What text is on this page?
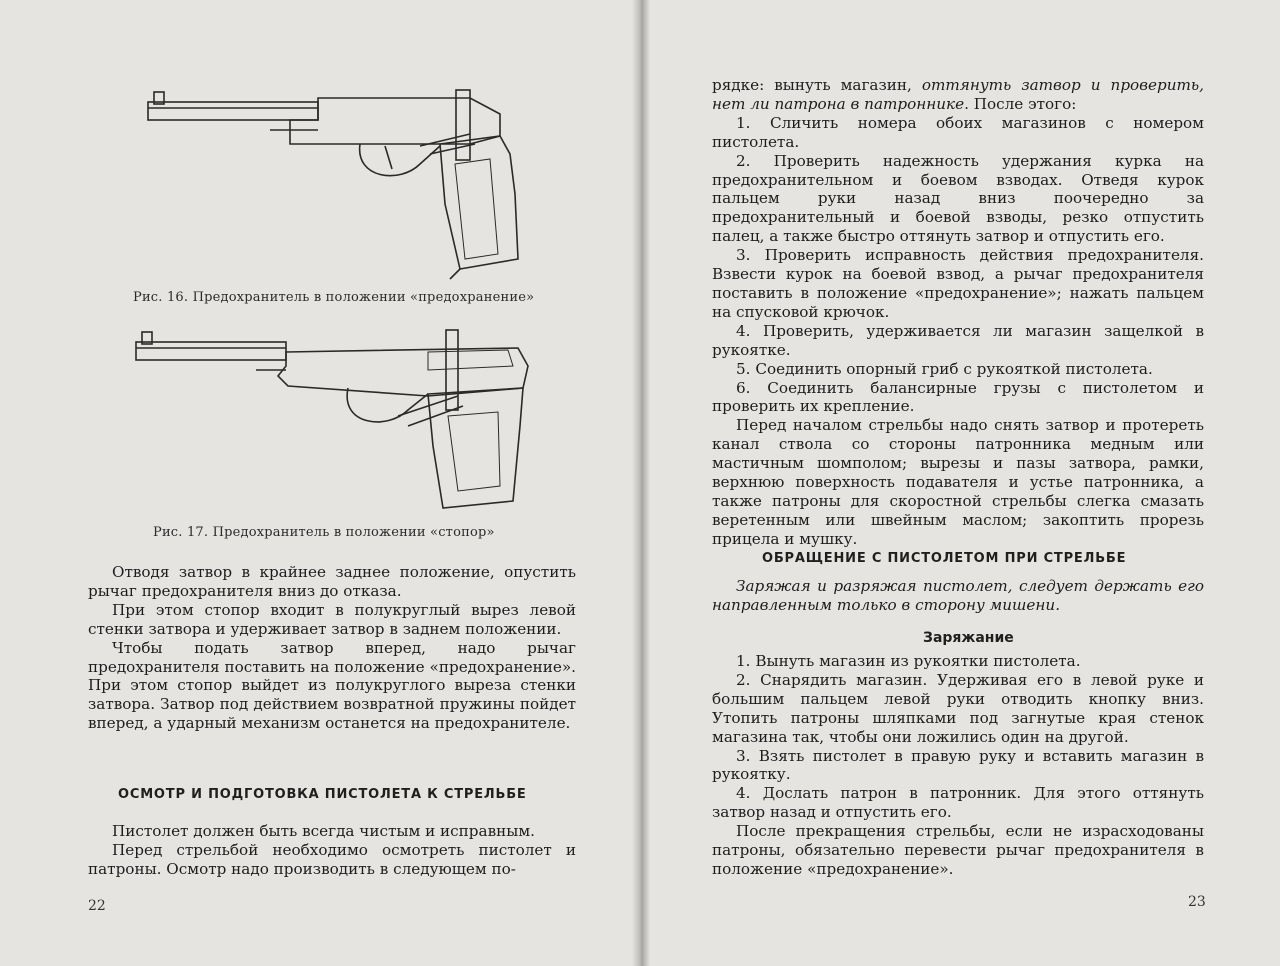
Рис. 16. Предохранитель в положении «предохранение»
Рис. 17. Предохранитель в положении «стопор»

Отводя затвор в крайнее заднее положение, опустить рычаг предохранителя вниз до отказа.

При этом стопор входит в полукруглый вырез левой стенки затвора и удерживает затвор в заднем положении.

Чтобы подать затвор вперед, надо рычаг предохранителя поставить на положение «предохранение». При этом стопор выйдет из полукруглого выреза стенки затвора. Затвор под действием возвратной пружины пойдет вперед, а ударный механизм останется на предохранителе.

ОСМОТР И ПОДГОТОВКА ПИСТОЛЕТА К СТРЕЛЬБЕ

Пистолет должен быть всегда чистым и исправным.

Перед стрельбой необходимо осмотреть пистолет и патроны. Осмотр надо производить в следующем по-

22

рядке: вынуть магазин, оттянуть затвор и проверить, нет ли патрона в патроннике. После этого:

1. Сличить номера обоих магазинов с номером пистолета.

2. Проверить надежность удержания курка на предохранительном и боевом взводах. Отведя курок пальцем руки назад вниз поочередно за предохранительный и боевой взводы, резко отпустить палец, а также быстро оттянуть затвор и отпустить его.

3. Проверить исправность действия предохранителя. Взвести курок на боевой взвод, а рычаг предохранителя поставить в положение «предохранение»; нажать пальцем на спусковой крючок.

4. Проверить, удерживается ли магазин защелкой в рукоятке.

5. Соединить опорный гриб с рукояткой пистолета.

6. Соединить балансирные грузы с пистолетом и проверить их крепление.

Перед началом стрельбы надо снять затвор и протереть канал ствола со стороны патронника медным или мастичным шомполом; вырезы и пазы затвора, рамки, верхнюю поверхность подавателя и устье патронника, а также патроны для скоростной стрельбы слегка смазать веретенным или швейным маслом; закоптить прорезь прицела и мушку.

ОБРАЩЕНИЕ С ПИСТОЛЕТОМ ПРИ СТРЕЛЬБЕ

Заряжая и разряжая пистолет, следует держать его направленным только в сторону мишени.

Заряжание

1. Вынуть магазин из рукоятки пистолета.

2. Снарядить магазин. Удерживая его в левой руке и большим пальцем левой руки отводить кнопку вниз. Утопить патроны шляпками под загнутые края стенок магазина так, чтобы они ложились один на другой.

3. Взять пистолет в правую руку и вставить магазин в рукоятку.

4. Дослать патрон в патронник. Для этого оттянуть затвор назад и отпустить его.

После прекращения стрельбы, если не израсходованы патроны, обязательно перевести рычаг предохранителя в положение «предохранение».

23
